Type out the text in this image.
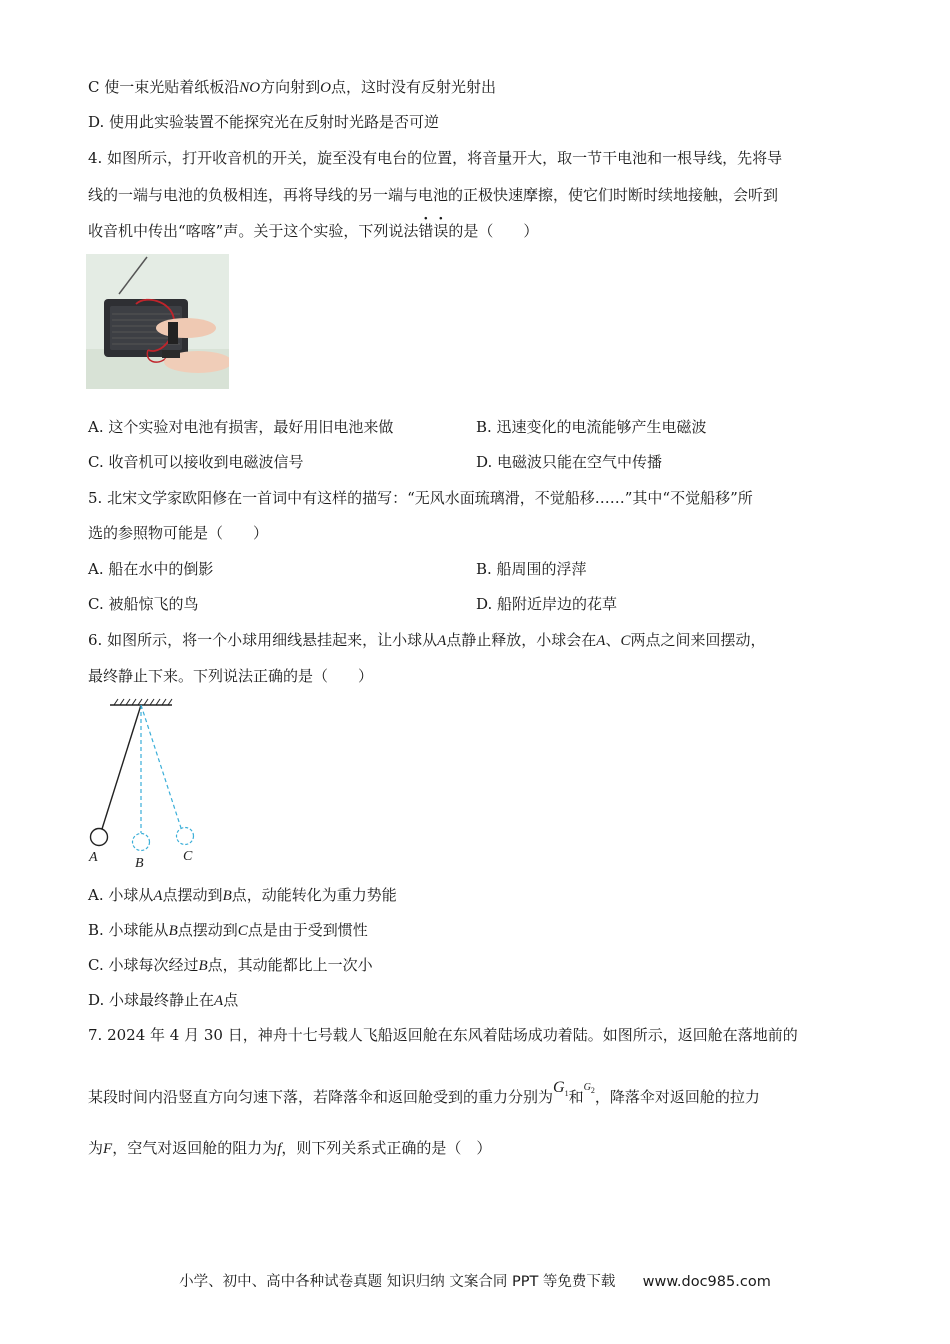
C 使一束光贴着纸板沿NO方向射到O点，这时没有反射光射出
D. 使用此实验装置不能探究光在反射时光路是否可逆
4. 如图所示，打开收音机的开关，旋至没有电台的位置，将音量开大，取一节干电池和一根导线，先将导
线的一端与电池的负极相连，再将导线的另一端与电池的正极快速摩擦，使它们时断时续地接触，会听到
收音机中传出“喀喀”声。关于这个实验，下列说法错误的是（　　）
A. 这个实验对电池有损害，最好用旧电池来做	B. 迅速变化的电流能够产生电磁波
C. 收音机可以接收到电磁波信号	D. 电磁波只能在空气中传播
5. 北宋文学家欧阳修在一首词中有这样的描写：“无风水面琉璃滑，不觉船移……”其中“不觉船移”所
选的参照物可能是（　　）
A. 船在水中的倒影	B. 船周围的浮萍
C. 被船惊飞的鸟	D. 船附近岸边的花草
6. 如图所示，将一个小球用细线悬挂起来，让小球从A点静止释放，小球会在A、C两点之间来回摆动，
最终静止下来。下列说法正确的是（　　）
A	B	C
A. 小球从A点摆动到B点，动能转化为重力势能
B. 小球能从B点摆动到C点是由于受到惯性
C. 小球每次经过B点，其动能都比上一次小
D. 小球最终静止在A点
7. 2024 年 4 月 30 日，神舟十七号载人飞船返回舱在东风着陆场成功着陆。如图所示，返回舱在落地前的
某段时间内沿竖直方向匀速下落，若降落伞和返回舱受到的重力分别为$G_1$和$^{G_2}$，降落伞对返回舱的拉力
为F，空气对返回舱的阻力为f，则下列关系式正确的是（　）
小学、初中、高中各种试卷真题 知识归纳 文案合同 PPT 等免费下载 www.doc985.com
